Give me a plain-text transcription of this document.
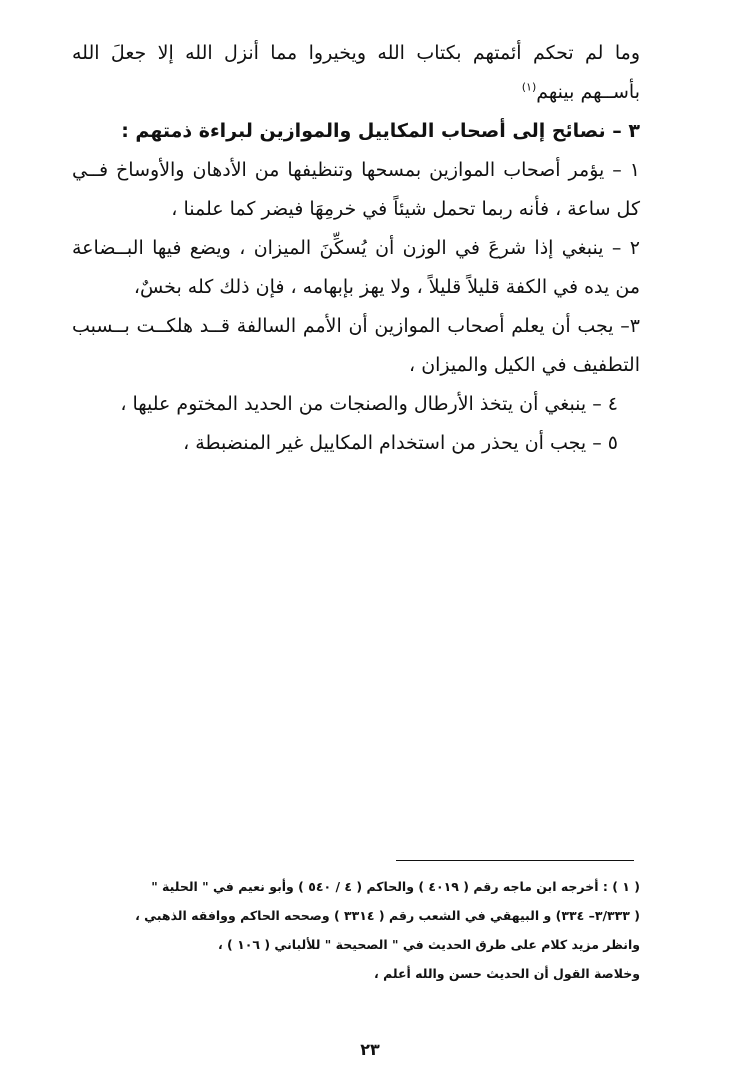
وما لم تحكم أئمتهم بكتاب الله ويخيروا مما أنزل الله إلا جعلَ الله بأســهم بينهم$^{(١)}$

٣ – نصائح إلى أصحاب المكاييل والموازين لبراءة ذمتهم :

١ – يؤمر أصحاب الموازين بمسحها وتنظيفها من الأدهان والأوساخ فــي كل ساعة ، فأنه ربما تحمل شيئاً في خرمِهَا فيضر كما علمنا ،

٢ – ينبغي إذا شرعَ في الوزن أن يُسكِّنَ الميزان ، ويضع فيها البــضاعة من يده في الكفة قليلاً قليلاً ، ولا يهز بإبهامه ، فإن ذلك كله بخسٌ،

٣– يجب أن يعلم أصحاب الموازين أن الأمم السالفة قــد هلكــت بــسبب التطفيف في الكيل والميزان ،

٤ – ينبغي أن يتخذ الأرطال والصنجات من الحديد المختوم عليها ،

٥ – يجب أن يحذر من استخدام المكاييل غير المنضبطة ،

( ١ ) : أخرجه ابن ماجه رقم ( ٤٠١٩ ) والحاكم ( ٤ / ٥٤٠ ) وأبو نعيم في " الحلية "

( ٣/٣٣٣– ٣٣٤) و البيهقي في الشعب رقم ( ٣٣١٤ ) وصححه الحاكم ووافقه الذهبي ،

وانظر مزيد كلام على طرق الحديث في " الصحيحة " للألباني ( ١٠٦ ) ،

وخلاصة القول أن الحديث حسن والله أعلم ،

٢٣
